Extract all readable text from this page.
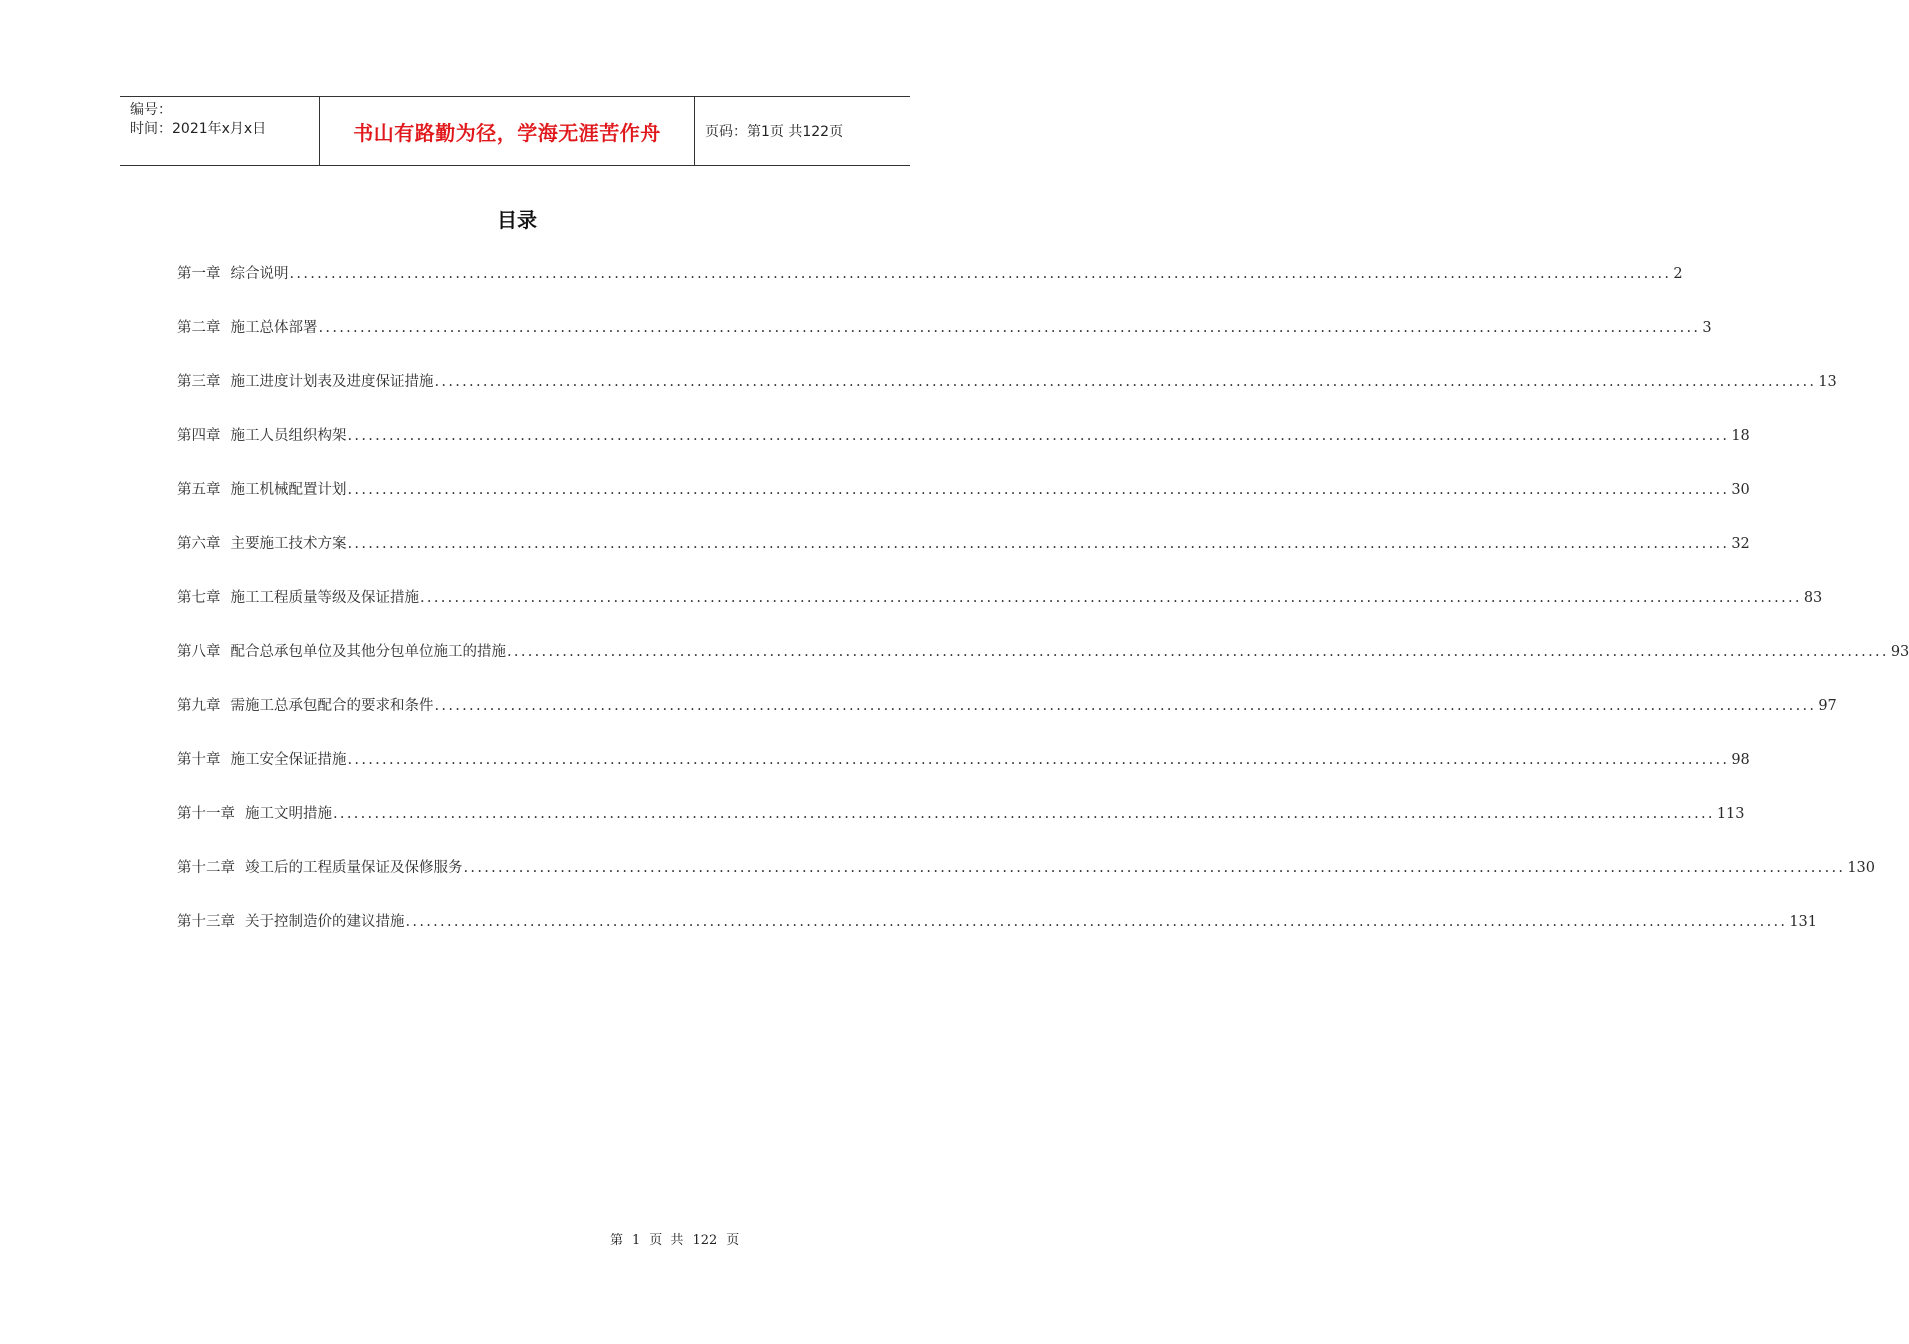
编号：
时间：2021年x月x日	书山有路勤为径，学海无涯苦作舟	页码：第1页 共122页
目录
第一章 综合说明 ........................................................................................................................................................................................................ 2
第二章 施工总体部署 ........................................................................................................................................................................................................ 3
第三章 施工进度计划表及进度保证措施 ........................................................................................................................................................................................................ 13
第四章 施工人员组织构架 ........................................................................................................................................................................................................ 18
第五章 施工机械配置计划 ........................................................................................................................................................................................................ 30
第六章 主要施工技术方案 ........................................................................................................................................................................................................ 32
第七章 施工工程质量等级及保证措施 ........................................................................................................................................................................................................ 83
第八章 配合总承包单位及其他分包单位施工的措施 ........................................................................................................................................................................................................ 93
第九章 需施工总承包配合的要求和条件 ........................................................................................................................................................................................................ 97
第十章 施工安全保证措施 ........................................................................................................................................................................................................ 98
第十一章 施工文明措施 ........................................................................................................................................................................................................ 113
第十二章 竣工后的工程质量保证及保修服务 ........................................................................................................................................................................................................ 130
第十三章 关于控制造价的建议措施 ........................................................................................................................................................................................................ 131
第 1 页 共 122 页
